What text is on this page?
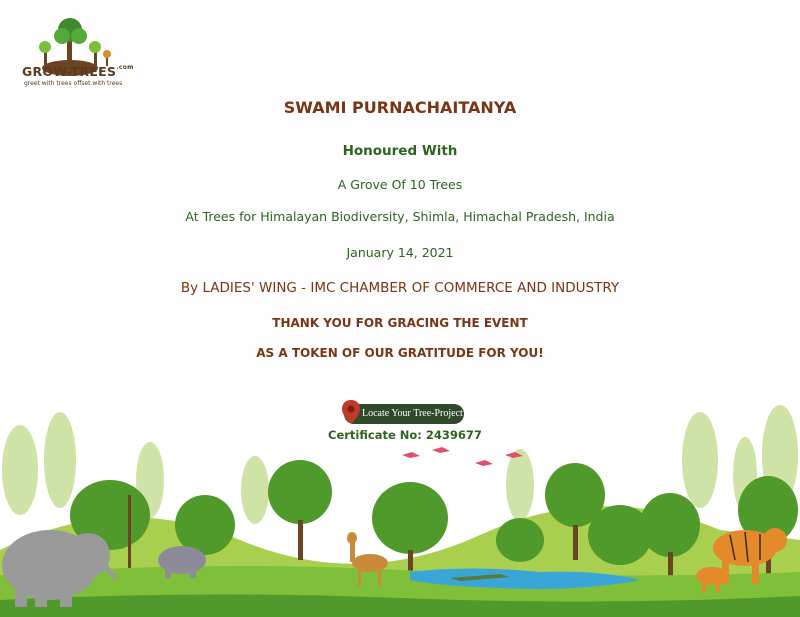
GROW-$TREES^{.com}$
greet with trees offset with trees
SWAMI PURNACHAITANYA
Honoured With
A Grove Of 10 Trees
At Trees for Himalayan Biodiversity, Shimla, Himachal Pradesh, India
January 14, 2021
By LADIES' WING - IMC CHAMBER OF COMMERCE AND INDUSTRY
THANK YOU FOR GRACING THE EVENT
AS A TOKEN OF OUR GRATITUDE FOR YOU!
Locate Your Tree-Project
Certificate No: 2439677
